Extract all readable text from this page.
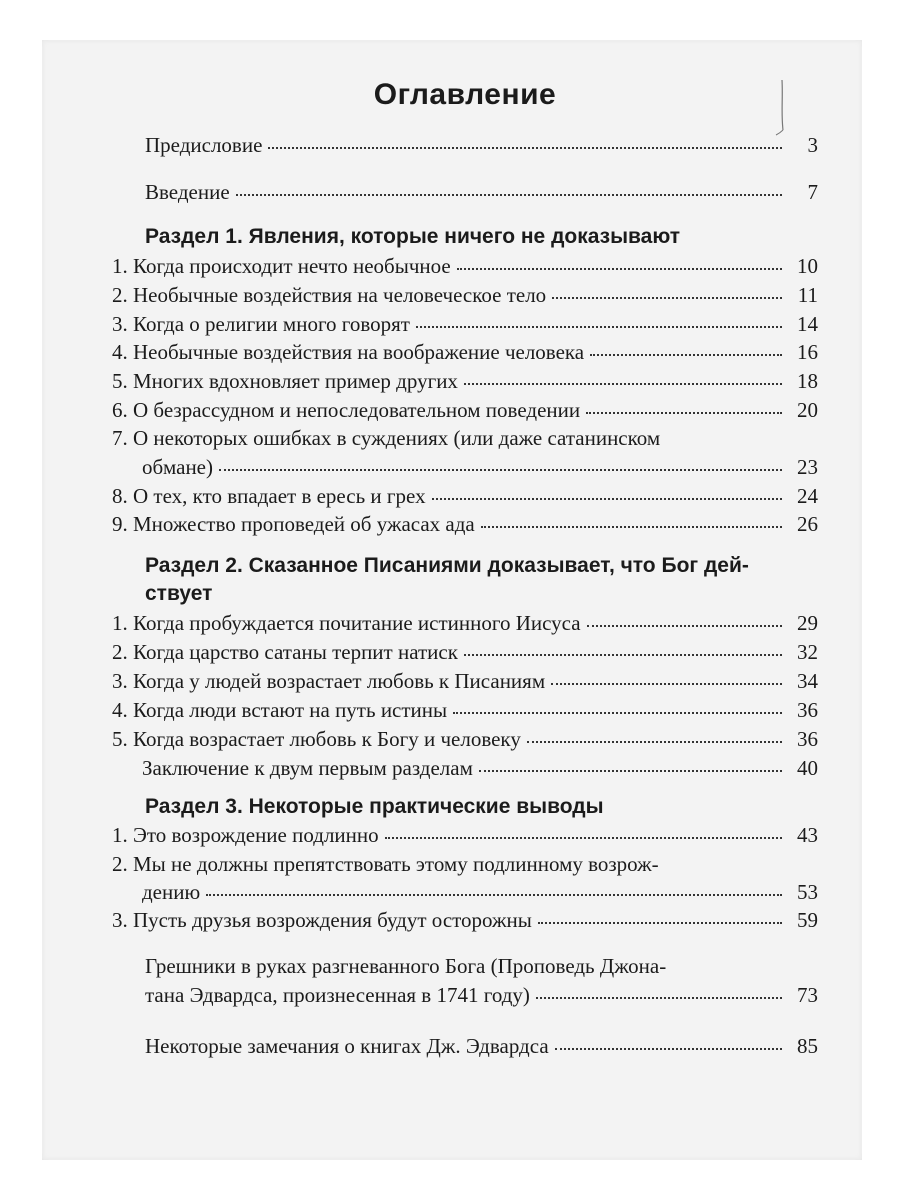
Оглавление
Предисловие	3
Введение	7
Раздел 1. Явления, которые ничего не доказывают
1. Когда происходит нечто необычное	10
2. Необычные воздействия на человеческое тело	11
3. Когда о религии много говорят	14
4. Необычные воздействия на воображение человека	16
5. Многих вдохновляет пример других	18
6. О безрассудном и непоследовательном поведении	20
7. О некоторых ошибках в суждениях (или даже сатанинском
обмане)	23
8. О тех, кто впадает в ересь и грех	24
9. Множество проповедей об ужасах ада	26
Раздел 2. Сказанное Писаниями доказывает, что Бог дей-
ствует
1. Когда пробуждается почитание истинного Иисуса	29
2. Когда царство сатаны терпит натиск	32
3. Когда у людей возрастает любовь к Писаниям	34
4. Когда люди встают на путь истины	36
5. Когда возрастает любовь к Богу и человеку	36
Заключение к двум первым разделам	40
Раздел 3. Некоторые практические выводы
1. Это возрождение подлинно	43
2. Мы не должны препятствовать этому подлинному возрож-
дению	53
3. Пусть друзья возрождения будут осторожны	59
Грешники в руках разгневанного Бога (Проповедь Джона-
тана Эдвардса, произнесенная в 1741 году)	73
Некоторые замечания о книгах Дж. Эдвардса	85
